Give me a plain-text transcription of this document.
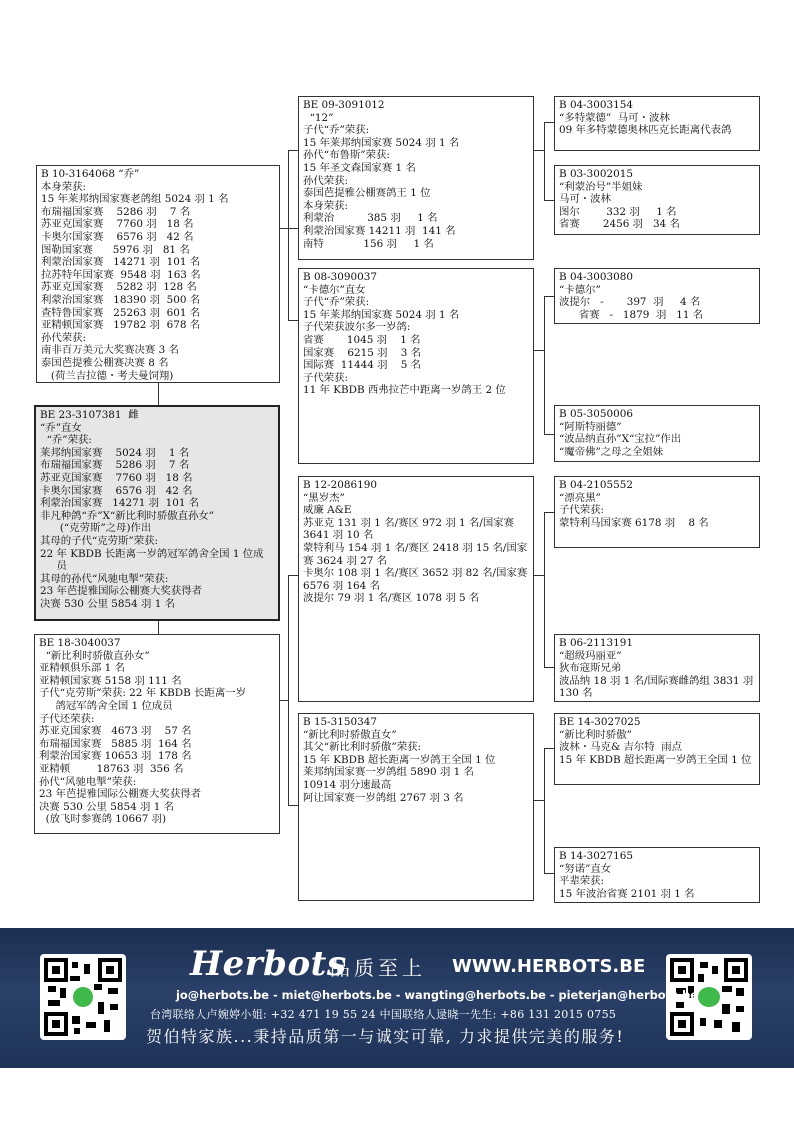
B 10-3164068 “乔”
本身荣获:
15 年莱邦纳国家赛老鸽组 5024 羽 1 名
布瑞福国家赛    5286 羽    7 名
苏亚克国家赛    7760 羽   18 名
卡奥尔国家赛    6576 羽   42 名
图勒国家赛      5976 羽   81 名
利蒙治国家赛   14271 羽  101 名
拉苏特年国家赛  9548 羽  163 名
苏亚克国家赛    5282 羽  128 名
利蒙治国家赛   18390 羽  500 名
查特鲁国家赛   25263 羽  601 名
亚精顿国家赛   19782 羽  678 名
孙代荣获:
南非百万美元大奖赛决赛 3 名
泰国芭提雅公棚赛决赛 8 名
(荷兰吉拉德・考夫曼饲翔)
BE 23-3107381  雌
“乔”直女
“乔”荣获:
莱邦纳国家赛    5024 羽    1 名
布瑞福国家赛    5286 羽    7 名
苏亚克国家赛    7760 羽   18 名
卡奥尔国家赛    6576 羽   42 名
利蒙治国家赛   14271 羽  101 名
非凡种鸽“乔”X“新比利时骄傲直孙女”
(“克劳斯”之母)作出
其母的子代“克劳斯”荣获:
22 年 KBDB 长距离一岁鸽冠军鸽舍全国 1 位成
员
其母的孙代“风驰电掣”荣获:
23 年芭提雅国际公棚赛大奖获得者
决赛 530 公里 5854 羽 1 名
BE 18-3040037
“新比利时骄傲直孙女”
亚精顿俱乐部 1 名
亚精顿国家赛 5158 羽 111 名
子代“克劳斯”荣获: 22 年 KBDB 长距离一岁
鸽冠军鸽舍全国 1 位成员
子代还荣获:
苏亚克国家赛   4673 羽    57 名
布瑞福国家赛   5885 羽  164 名
利蒙治国家赛 10653 羽  178 名
亚精顿        18763 羽  356 名
孙代“风驰电掣”荣获:
23 年芭提雅国际公棚赛大奖获得者
决赛 530 公里 5854 羽 1 名
(放飞时参赛鸽 10667 羽)
BE 09-3091012
“12”
子代“乔”荣获:
15 年莱邦纳国家赛 5024 羽 1 名
孙代“布鲁斯”荣获:
15 年圣文森国家赛 1 名
孙代荣获:
泰国芭提雅公棚赛鸽王 1 位
本身荣获:
利蒙治          385 羽     1 名
利蒙治国家赛 14211 羽  141 名
南特            156 羽     1 名
B 08-3090037
“卡德尔”直女
子代“乔”荣获:
15 年莱邦纳国家赛 5024 羽 1 名
子代荣获波尔多一岁鸽:
省赛       1045 羽    1 名
国家赛    6215 羽    3 名
国际赛  11444 羽    5 名
子代荣获:
11 年 KBDB 西弗拉芒中距离一岁鸽王 2 位
B 12-2086190
“黑岁杰”
威廉 A&E
苏亚克 131 羽 1 名/赛区 972 羽 1 名/国家赛 3641 羽 10 名
蒙特利马 154 羽 1 名/赛区 2418 羽 15 名/国家赛 3624 羽 27 名
卡奥尔 108 羽 1 名/赛区 3652 羽 82 名/国家赛 6576 羽 164 名
波提尔 79 羽 1 名/赛区 1078 羽 5 名
B 15-3150347
“新比利时骄傲直女”
其父“新比利时骄傲”荣获:
15 年 KBDB 超长距离一岁鸽王全国 1 位
莱邦纳国家赛一岁鸽组 5890 羽 1 名
10914 羽分速最高
阿让国家赛一岁鸽组 2767 羽 3 名
B 04-3003154
“多特蒙德”  马可・波林
09 年多特蒙德奥林匹克长距离代表鸽
B 03-3002015
“利蒙治号”半姐妹
马可・波林
图尔        332 羽     1 名
省赛       2456 羽   34 名
B 04-3003080
“卡德尔”
波提尔   -       397  羽     4 名
省赛   -   1879  羽   11 名
B 05-3050006
“阿斯特丽德”
“波品纳直孙”X“宝拉”作出
“魔帝佛”之母之全姐妹
B 04-2105552
“漂亮黑”
子代荣获:
蒙特利马国家赛 6178 羽    8 名
B 06-2113191
“超级玛丽亚”
狄布寇斯兄弟
波品纳 18 羽 1 名/国际赛雌鸽组 3831 羽 130 名
BE 14-3027025
“新比利时骄傲”
波林・马克& 吉尔特  雨点
15 年 KBDB 超长距离一岁鸽王全国 1 位
B 14-3027165
“努诺”直女
平辈荣获:
15 年波治省赛 2101 羽 1 名
Herbots
品质至上 WWW.HERBOTS.BE
jo@herbots.be - miet@herbots.be - wangting@herbots.be - pieterjan@herbots.be
台湾联络人卢婉婷小姐: +32 471 19 55 24 中国联络人逯晓一先生: +86 131 2015 0755
贺伯特家族...秉持品质第一与诚实可靠, 力求提供完美的服务!
